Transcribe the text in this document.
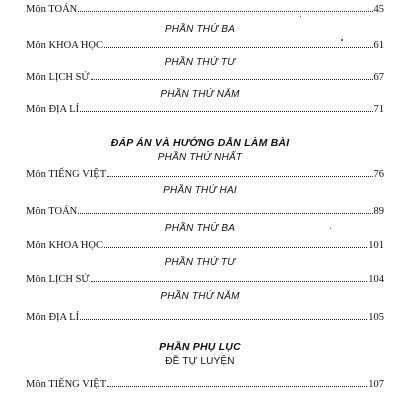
Môn TOÁN	45
PHẦN THỨ BA
Môn KHOA HỌC	61
PHẦN THỨ TƯ
Môn LỊCH SỬ	67
PHẦN THỨ NĂM
Môn ĐỊA LÍ	71
ĐÁP ÁN VÀ HƯỚNG DẪN LÀM BÀI
PHẦN THỨ NHẤT
Môn TIẾNG VIỆT	76
PHẦN THỨ HAI
Môn TOÁN	89
PHẦN THỨ BA
Môn KHOA HỌC	101
PHẦN THỨ TƯ
Môn LỊCH SỬ	104
PHẦN THỨ NĂM
Môn ĐỊA LÍ	105
PHẦN PHỤ LỤC
ĐỀ TỰ LUYỆN
Môn TIẾNG VIỆT	107
